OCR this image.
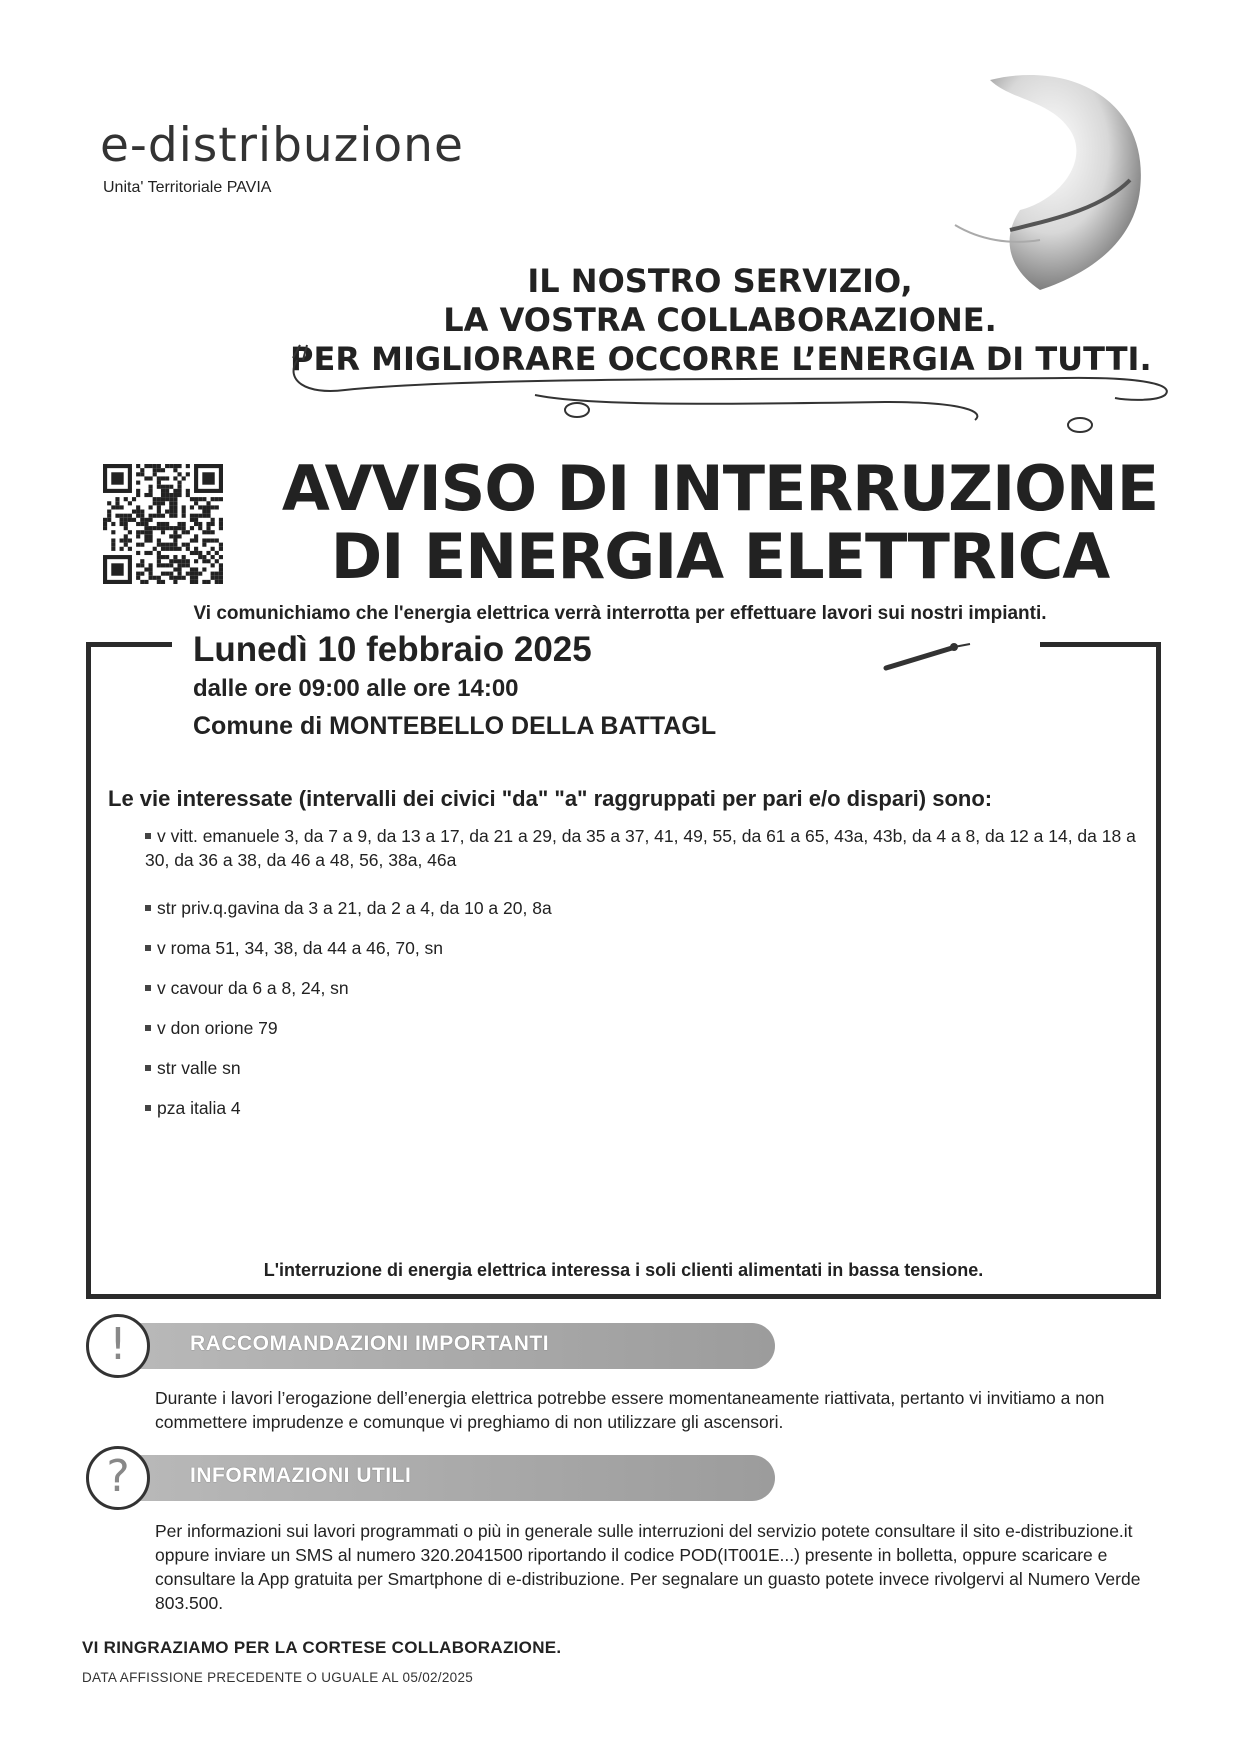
e-distribuzione
Unita' Territoriale PAVIA
IL NOSTRO SERVIZIO,
LA VOSTRA COLLABORAZIONE.
PER MIGLIORARE OCCORRE L’ENERGIA DI TUTTI.
AVVISO DI INTERRUZIONE
DI ENERGIA ELETTRICA
Vi comunichiamo che l'energia elettrica verrà interrotta per effettuare lavori sui nostri impianti.
Lunedì 10 febbraio 2025
dalle ore 09:00 alle ore 14:00
Comune di MONTEBELLO DELLA BATTAGL
Le vie interessate (intervalli dei civici "da" "a" raggruppati per pari e/o dispari) sono:
v vitt. emanuele 3, da 7 a 9, da 13 a 17, da 21 a 29, da 35 a 37, 41, 49, 55, da 61 a 65, 43a, 43b, da 4 a 8, da 12 a 14, da 18 a 30, da 36 a 38, da 46 a 48, 56, 38a, 46a
str priv.q.gavina da 3 a 21, da 2 a 4, da 10 a 20, 8a
v roma 51, 34, 38, da 44 a 46, 70, sn
v cavour da 6 a 8, 24, sn
v don orione 79
str valle sn
pza italia 4
L'interruzione di energia elettrica interessa i soli clienti alimentati in bassa tensione.
RACCOMANDAZIONI IMPORTANTI
!
Durante i lavori l’erogazione dell’energia elettrica potrebbe essere momentaneamente riattivata, pertanto vi invitiamo a non commettere imprudenze e comunque vi preghiamo di non utilizzare gli ascensori.
INFORMAZIONI UTILI
?
Per informazioni sui lavori programmati o più in generale sulle interruzioni del servizio potete consultare il sito e-distribuzione.it oppure inviare un SMS al numero 320.2041500 riportando il codice POD(IT001E...) presente in bolletta, oppure scaricare e consultare la App gratuita per Smartphone di e-distribuzione. Per segnalare un guasto potete invece rivolgervi al Numero Verde 803.500.
VI RINGRAZIAMO PER LA CORTESE COLLABORAZIONE.
DATA AFFISSIONE PRECEDENTE O UGUALE AL 05/02/2025
